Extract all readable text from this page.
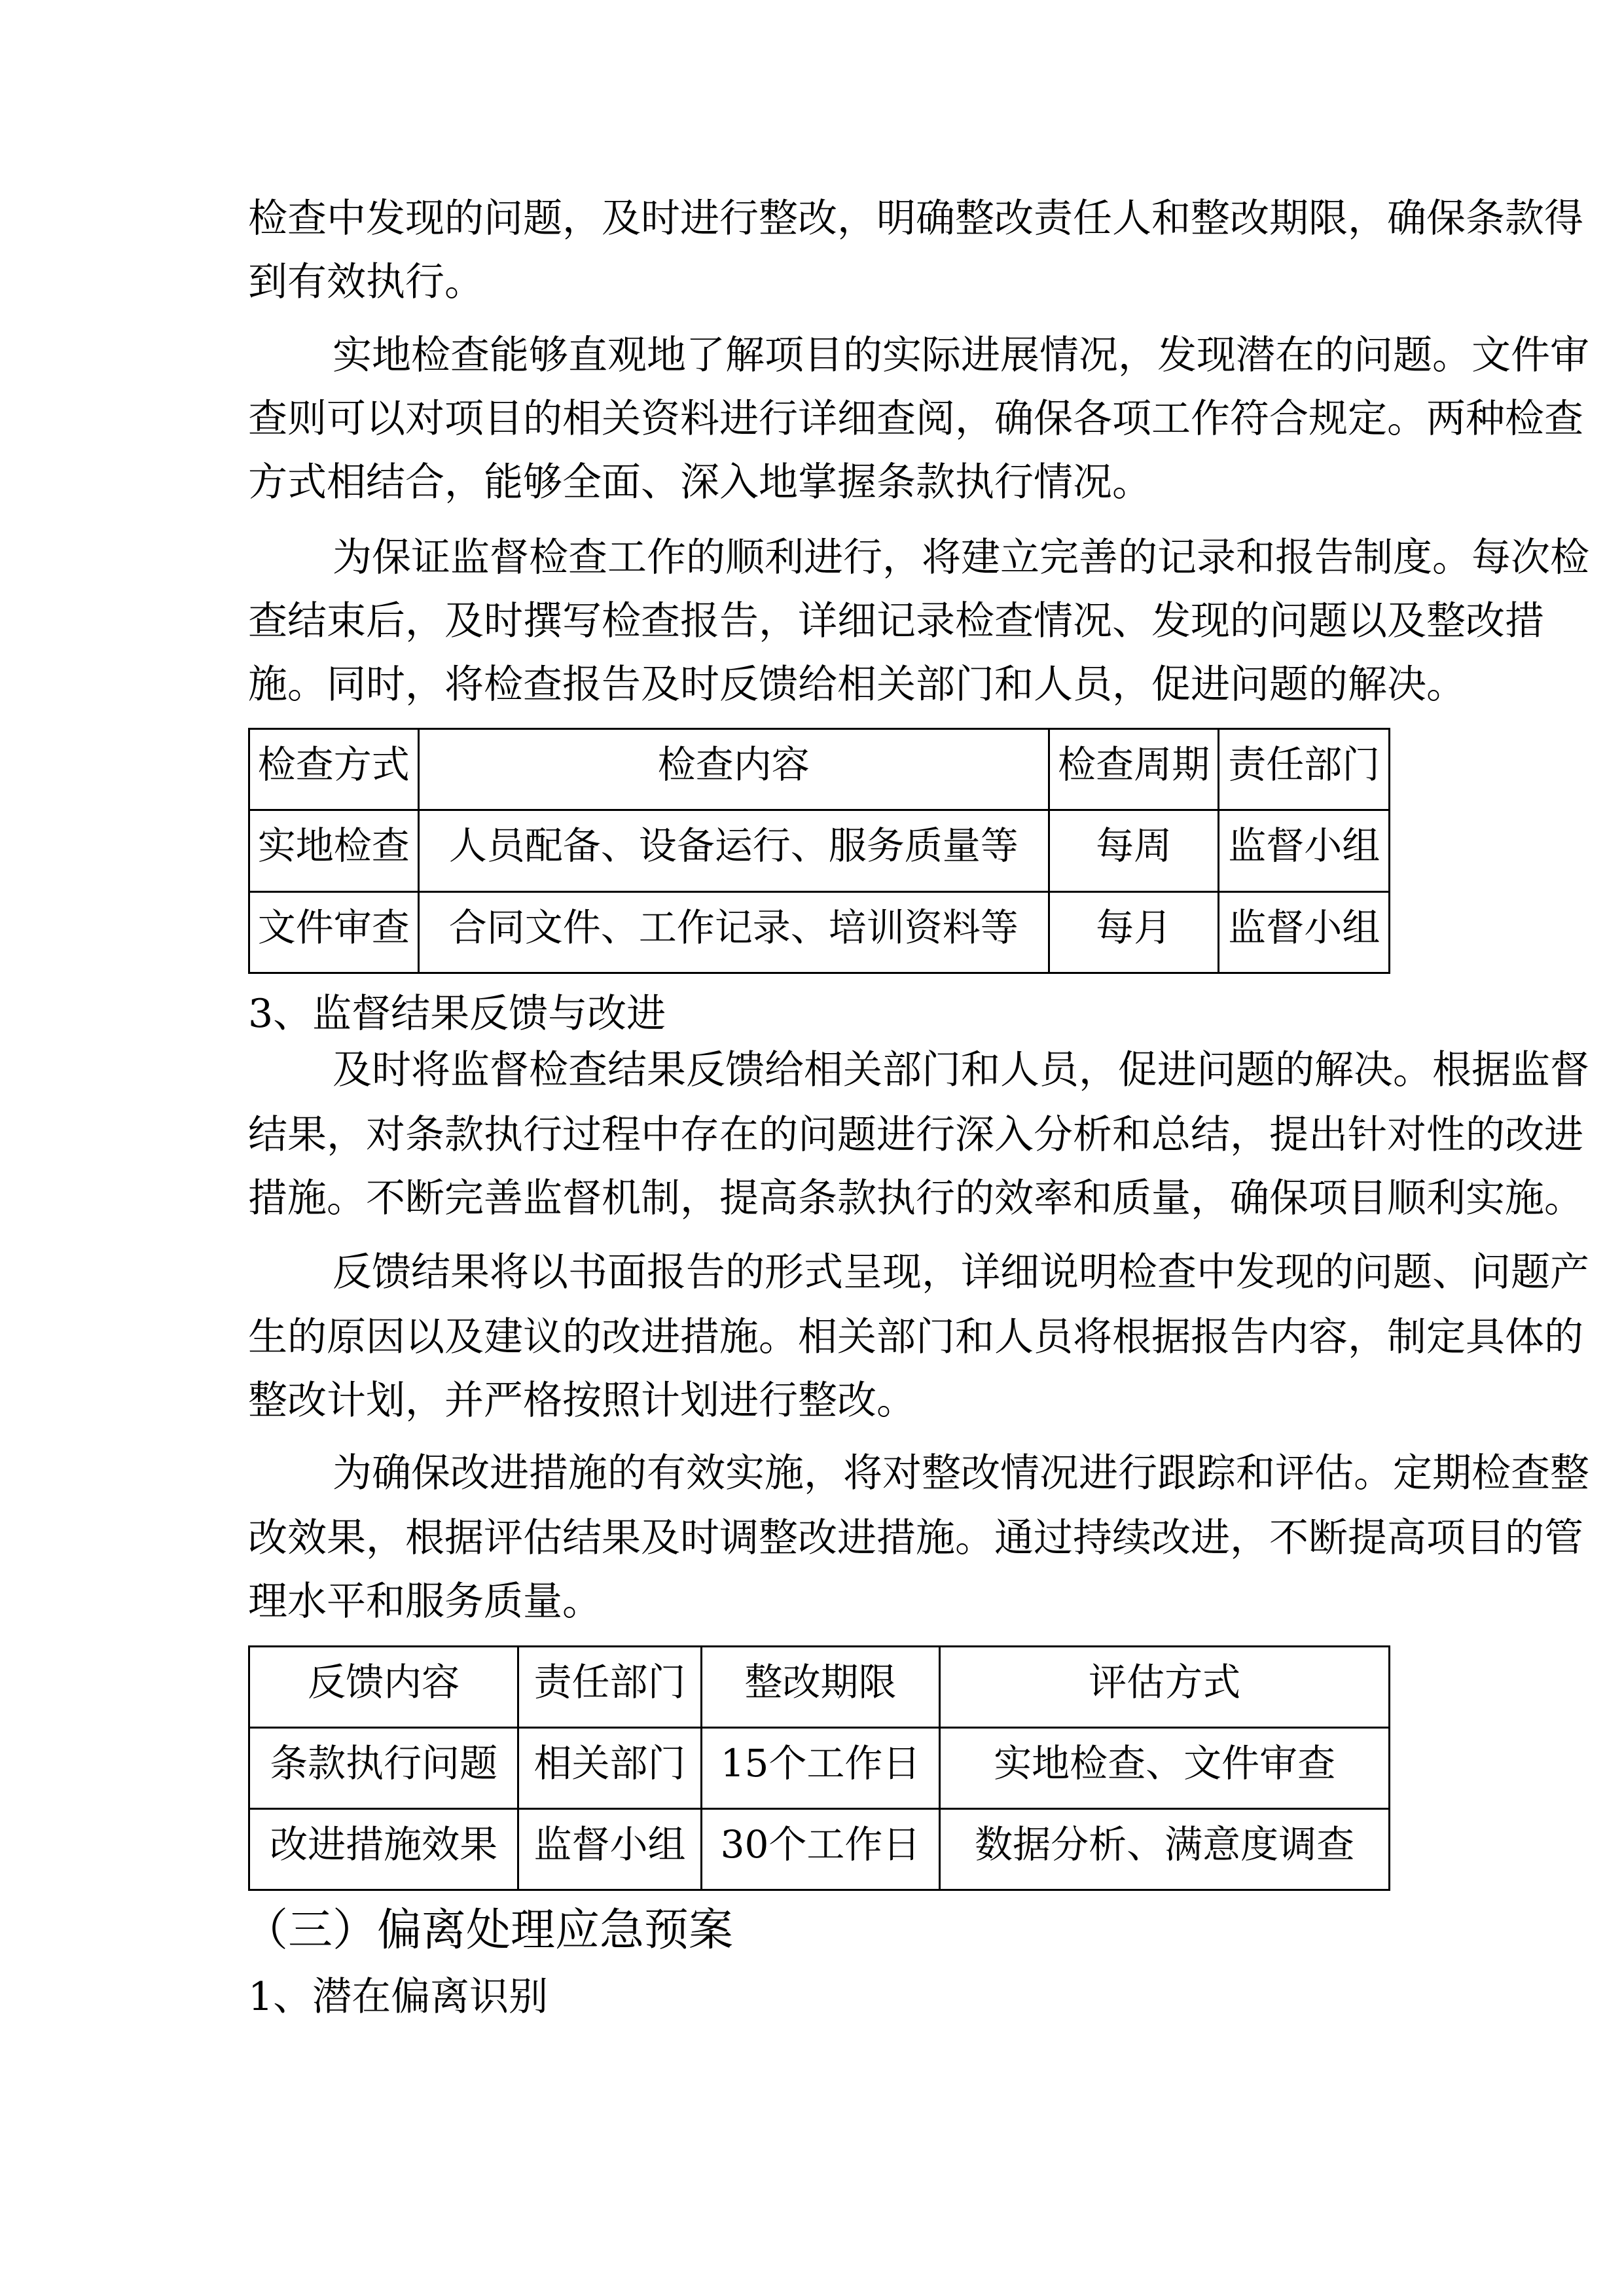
检查中发现的问题，及时进行整改，明确整改责任人和整改期限，确保条款得
到有效执行。
实地检查能够直观地了解项目的实际进展情况，发现潜在的问题。文件审
查则可以对项目的相关资料进行详细查阅，确保各项工作符合规定。两种检查
方式相结合，能够全面、深入地掌握条款执行情况。
为保证监督检查工作的顺利进行，将建立完善的记录和报告制度。每次检
查结束后，及时撰写检查报告，详细记录检查情况、发现的问题以及整改措
施。同时，将检查报告及时反馈给相关部门和人员，促进问题的解决。
检查方式	检查内容	检查周期	责任部门
实地检查	人员配备、设备运行、服务质量等	每周	监督小组
文件审查	合同文件、工作记录、培训资料等	每月	监督小组
3、监督结果反馈与改进
及时将监督检查结果反馈给相关部门和人员，促进问题的解决。根据监督
结果，对条款执行过程中存在的问题进行深入分析和总结，提出针对性的改进
措施。不断完善监督机制，提高条款执行的效率和质量，确保项目顺利实施。
反馈结果将以书面报告的形式呈现，详细说明检查中发现的问题、问题产
生的原因以及建议的改进措施。相关部门和人员将根据报告内容，制定具体的
整改计划，并严格按照计划进行整改。
为确保改进措施的有效实施，将对整改情况进行跟踪和评估。定期检查整
改效果，根据评估结果及时调整改进措施。通过持续改进，不断提高项目的管
理水平和服务质量。
反馈内容	责任部门	整改期限	评估方式
条款执行问题	相关部门	15个工作日	实地检查、文件审查
改进措施效果	监督小组	30个工作日	数据分析、满意度调查
（三）偏离处理应急预案
1、潜在偏离识别
